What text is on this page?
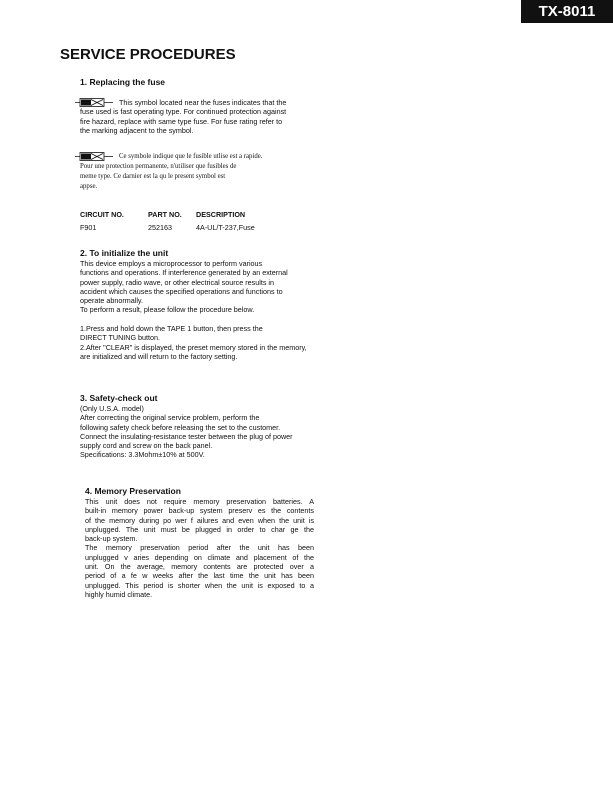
TX-8011
SERVICE PROCEDURES
1. Replacing the fuse
This symbol located near the fuses indicates that the
fuse used is fast operating type. For continued protection against
fire hazard, replace with same type fuse. For fuse rating refer to
the marking adjacent to the symbol.
Ce symbole indique que le fusible utlise est a rapide.
Pour une protection permanente, n'utiliser que fusibles de
meme type. Ce darnier est la qu le present symbol est
appse.
CIRCUIT NO.	PART NO.	DESCRIPTION
F901	252163	4A-UL/T-237,Fuse
2. To initialize the unit
This device employs a microprocessor to perform various
functions and operations. If interference generated by an external
power supply, radio wave, or other electrical source results in
accident which causes the specified operations and functions to
operate abnormally.
To perform a result, please follow the procedure below.
1.Press and hold down the TAPE 1 button, then press the
DIRECT TUNING button.
2.After "CLEAR" is displayed, the preset memory stored in the memory,
are initialized and will return to the factory setting.
3. Safety-check out
(Only U.S.A. model)
After correcting the original service problem, perform the
following safety check before releasing the set to the customer.
Connect the insulating-resistance tester between the plug of power
supply cord and screw on the back panel.
Specifications: 3.3Mohm±10% at 500V.
4. Memory Preservation
This unit does not require memory preservation batteries. A
built-in memory power back-up system preserv es the contents
of the memory during po wer f ailures and even when the unit is
unplugged. The unit must be plugged in order to char ge the
back-up system.
The memory preservation period after the unit has been
unplugged v aries depending on climate and placement of the
unit. On the average, memory contents are protected over a
period of a fe w weeks after the last time the unit has been
unplugged. This period is shorter when the unit is exposed to a
highly humid climate.
